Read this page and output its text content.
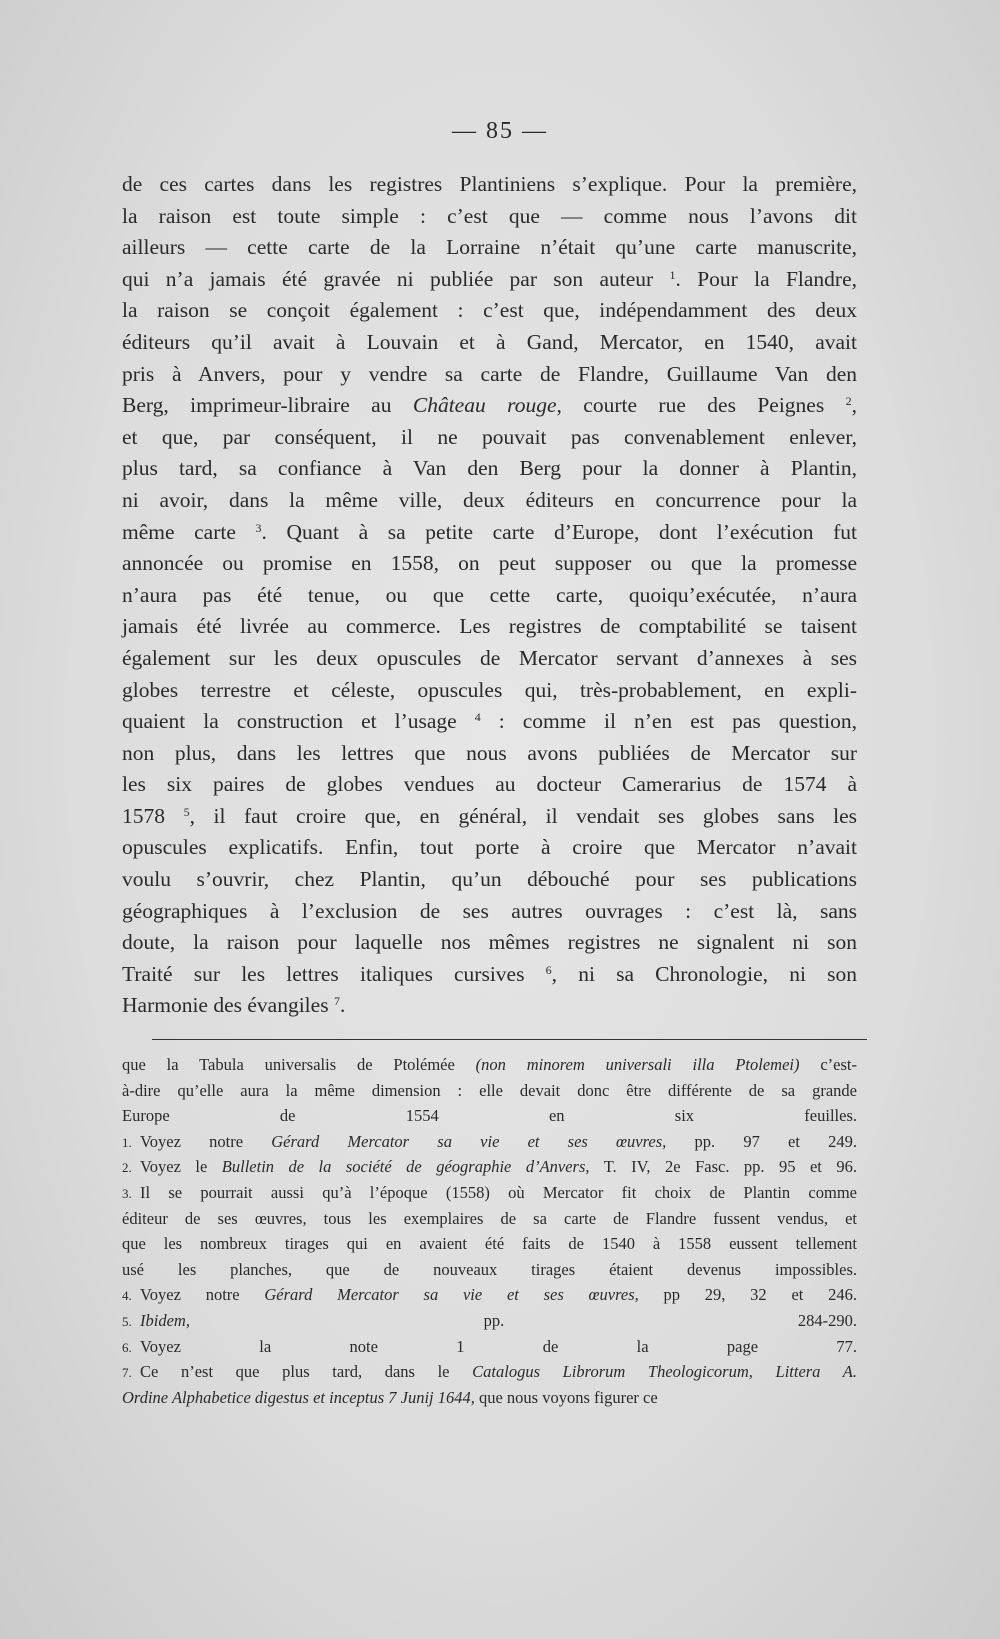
— 85 —
de ces cartes dans les registres Plantiniens s’explique. Pour la première,
la raison est toute simple : c’est que — comme nous l’avons dit
ailleurs — cette carte de la Lorraine n’était qu’une carte manuscrite,
qui n’a jamais été gravée ni publiée par son auteur $^1$. Pour la Flandre,
la raison se conçoit également : c’est que, indépendamment des deux
éditeurs qu’il avait à Louvain et à Gand, Mercator, en 1540, avait
pris à Anvers, pour y vendre sa carte de Flandre, Guillaume Van den
Berg, imprimeur-libraire au Château rouge, courte rue des Peignes $^2$,
et que, par conséquent, il ne pouvait pas convenablement enlever,
plus tard, sa confiance à Van den Berg pour la donner à Plantin,
ni avoir, dans la même ville, deux éditeurs en concurrence pour la
même carte $^3$. Quant à sa petite carte d’Europe, dont l’exécution fut
annoncée ou promise en 1558, on peut supposer ou que la promesse
n’aura pas été tenue, ou que cette carte, quoiqu’exécutée, n’aura
jamais été livrée au commerce. Les registres de comptabilité se taisent
également sur les deux opuscules de Mercator servant d’annexes à ses
globes terrestre et céleste, opuscules qui, très-probablement, en expli-
quaient la construction et l’usage $^4$ : comme il n’en est pas question,
non plus, dans les lettres que nous avons publiées de Mercator sur
les six paires de globes vendues au docteur Camerarius de 1574 à
1578 $^5$, il faut croire que, en général, il vendait ses globes sans les
opuscules explicatifs. Enfin, tout porte à croire que Mercator n’avait
voulu s’ouvrir, chez Plantin, qu’un débouché pour ses publications
géographiques à l’exclusion de ses autres ouvrages : c’est là, sans
doute, la raison pour laquelle nos mêmes registres ne signalent ni son
Traité sur les lettres italiques cursives $^6$, ni sa Chronologie, ni son
Harmonie des évangiles $^7$.
que la Tabula universalis de Ptolémée (non minorem universali illa Ptolemei) c’est-
à-dire qu’elle aura la même dimension : elle devait donc être différente de sa grande
Europe de 1554 en six feuilles.
1. Voyez notre Gérard Mercator sa vie et ses œuvres, pp. 97 et 249.
2. Voyez le Bulletin de la société de géographie d’Anvers, T. IV, 2e Fasc. pp. 95 et 96.
3. Il se pourrait aussi qu’à l’époque (1558) où Mercator fit choix de Plantin comme
éditeur de ses œuvres, tous les exemplaires de sa carte de Flandre fussent vendus, et
que les nombreux tirages qui en avaient été faits de 1540 à 1558 eussent tellement
usé les planches, que de nouveaux tirages étaient devenus impossibles.
4. Voyez notre Gérard Mercator sa vie et ses œuvres, pp 29, 32 et 246.
5. Ibidem, pp. 284-290.
6. Voyez la note 1 de la page 77.
7. Ce n’est que plus tard, dans le Catalogus Librorum Theologicorum, Littera A.
Ordine Alphabetice digestus et inceptus 7 Junij 1644, que nous voyons figurer ce
